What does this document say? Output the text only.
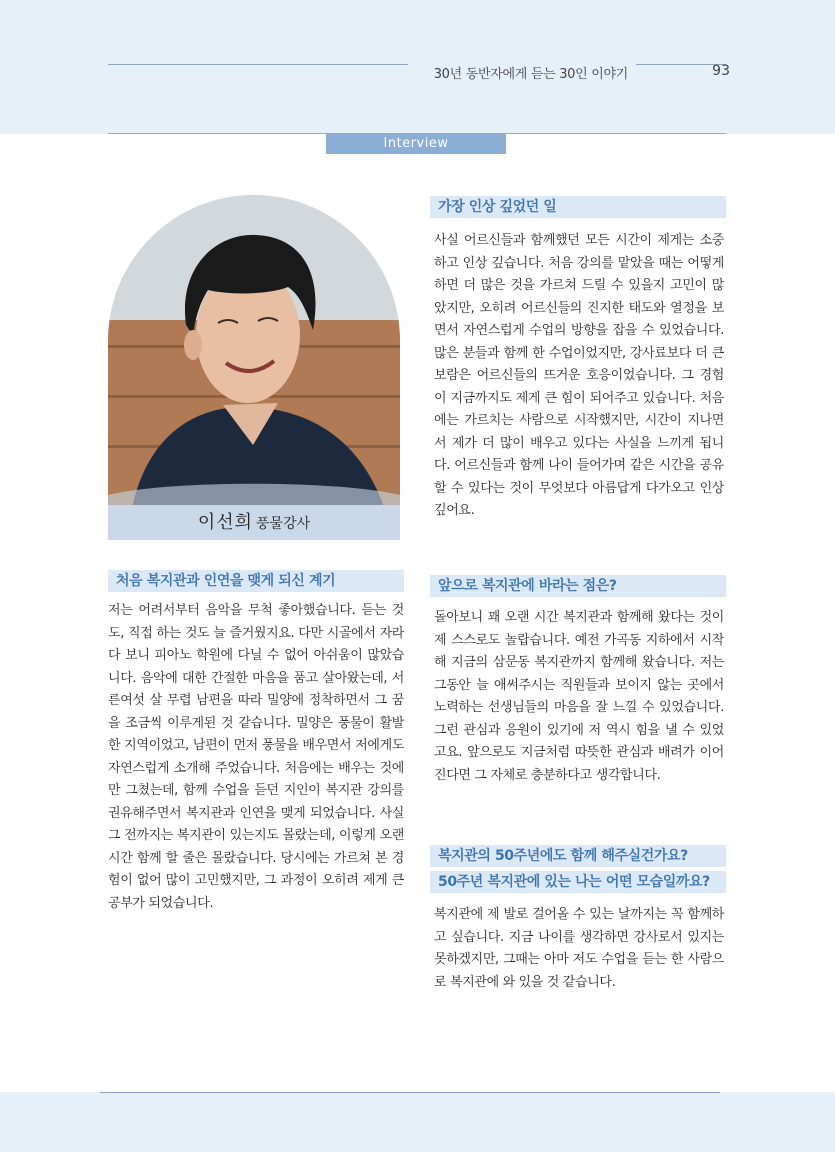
30년 동반자에게 듣는 30인 이야기	93
Interview
이선희 풍물강사
처음 복지관과 인연을 맺게 되신 계기

저는 어려서부터 음악을 무척 좋아했습니다. 듣는 것도, 직접 하는 것도 늘 즐거웠지요. 다만 시골에서 자라다 보니 피아노 학원에 다닐 수 없어 아쉬움이 많았습니다. 음악에 대한 간절한 마음을 품고 살아왔는데, 서른여섯 살 무렵 남편을 따라 밀양에 정착하면서 그 꿈을 조금씩 이루게된 것 같습니다. 밀양은 풍물이 활발한 지역이었고, 남편이 먼저 풍물을 배우면서 저에게도 자연스럽게 소개해 주었습니다. 처음에는 배우는 것에만 그쳤는데, 함께 수업을 듣던 지인이 복지관 강의를 권유해주면서 복지관과 인연을 맺게 되었습니다. 사실 그 전까지는 복지관이 있는지도 몰랐는데, 이렇게 오랜 시간 함께 할 줄은 몰랐습니다. 당시에는 가르쳐 본 경험이 없어 많이 고민했지만, 그 과정이 오히려 제게 큰 공부가 되었습니다.

가장 인상 깊었던 일

사실 어르신들과 함께했던 모든 시간이 제게는 소중하고 인상 깊습니다. 처음 강의를 맡았을 때는 어떻게 하면 더 많은 것을 가르쳐 드릴 수 있을지 고민이 많았지만, 오히려 어르신들의 진지한 태도와 열정을 보면서 자연스럽게 수업의 방향을 잡을 수 있었습니다. 많은 분들과 함께 한 수업이었지만, 강사료보다 더 큰 보람은 어르신들의 뜨거운 호응이었습니다. 그 경험이 지금까지도 제게 큰 힘이 되어주고 있습니다. 처음에는 가르치는 사람으로 시작했지만, 시간이 지나면서 제가 더 많이 배우고 있다는 사실을 느끼게 됩니다. 어르신들과 함께 나이 들어가며 같은 시간을 공유할 수 있다는 것이 무엇보다 아름답게 다가오고 인상 깊어요.

앞으로 복지관에 바라는 점은?

돌아보니 꽤 오랜 시간 복지관과 함께해 왔다는 것이 제 스스로도 놀랍습니다. 예전 가곡동 지하에서 시작해 지금의 삼문동 복지관까지 함께해 왔습니다. 저는 그동안 늘 애써주시는 직원들과 보이지 않는 곳에서 노력하는 선생님들의 마음을 잘 느낄 수 있었습니다. 그런 관심과 응원이 있기에 저 역시 힘을 낼 수 있었고요. 앞으로도 지금처럼 따뜻한 관심과 배려가 이어진다면 그 자체로 충분하다고 생각합니다.

복지관의 50주년에도 함께 해주실건가요?
50주년 복지관에 있는 나는 어떤 모습일까요?

복지관에 제 발로 걸어올 수 있는 날까지는 꼭 함께하고 싶습니다. 지금 나이를 생각하면 강사로서 있지는 못하겠지만, 그때는 아마 저도 수업을 듣는 한 사람으로 복지관에 와 있을 것 같습니다.
